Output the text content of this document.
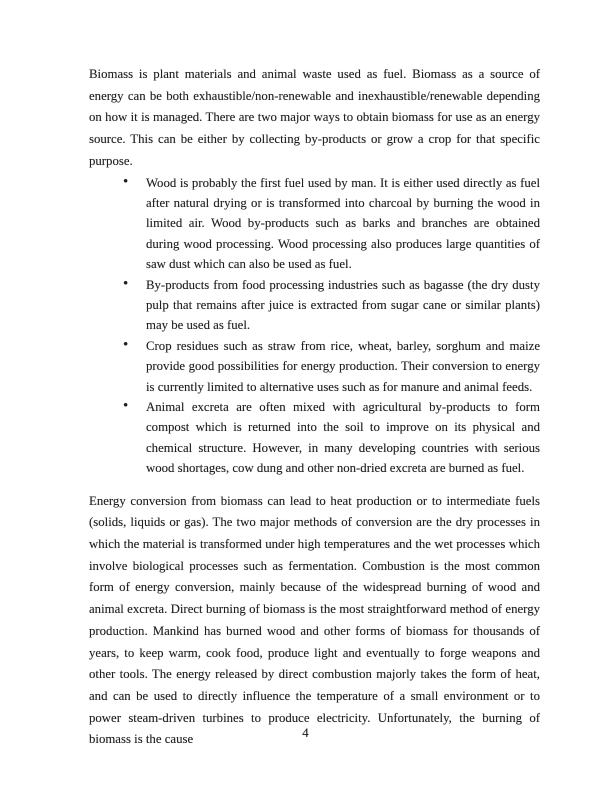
Biomass is plant materials and animal waste used as fuel. Biomass as a source of energy can be both exhaustible/non-renewable and inexhaustible/renewable depending on how it is managed. There are two major ways to obtain biomass for use as an energy source. This can be either by collecting by-products or grow a crop for that specific purpose.

• Wood is probably the first fuel used by man. It is either used directly as fuel after natural drying or is transformed into charcoal by burning the wood in limited air. Wood by-products such as barks and branches are obtained during wood processing. Wood processing also produces large quantities of saw dust which can also be used as fuel.
• By-products from food processing industries such as bagasse (the dry dusty pulp that remains after juice is extracted from sugar cane or similar plants) may be used as fuel.
• Crop residues such as straw from rice, wheat, barley, sorghum and maize provide good possibilities for energy production. Their conversion to energy is currently limited to alternative uses such as for manure and animal feeds.
• Animal excreta are often mixed with agricultural by-products to form compost which is returned into the soil to improve on its physical and chemical structure. However, in many developing countries with serious wood shortages, cow dung and other non-dried excreta are burned as fuel.

Energy conversion from biomass can lead to heat production or to intermediate fuels (solids, liquids or gas). The two major methods of conversion are the dry processes in which the material is transformed under high temperatures and the wet processes which involve biological processes such as fermentation. Combustion is the most common form of energy conversion, mainly because of the widespread burning of wood and animal excreta. Direct burning of biomass is the most straightforward method of energy production. Mankind has burned wood and other forms of biomass for thousands of years, to keep warm, cook food, produce light and eventually to forge weapons and other tools. The energy released by direct combustion majorly takes the form of heat, and can be used to directly influence the temperature of a small environment or to power steam-driven turbines to produce electricity. Unfortunately, the burning of biomass is the cause	4
